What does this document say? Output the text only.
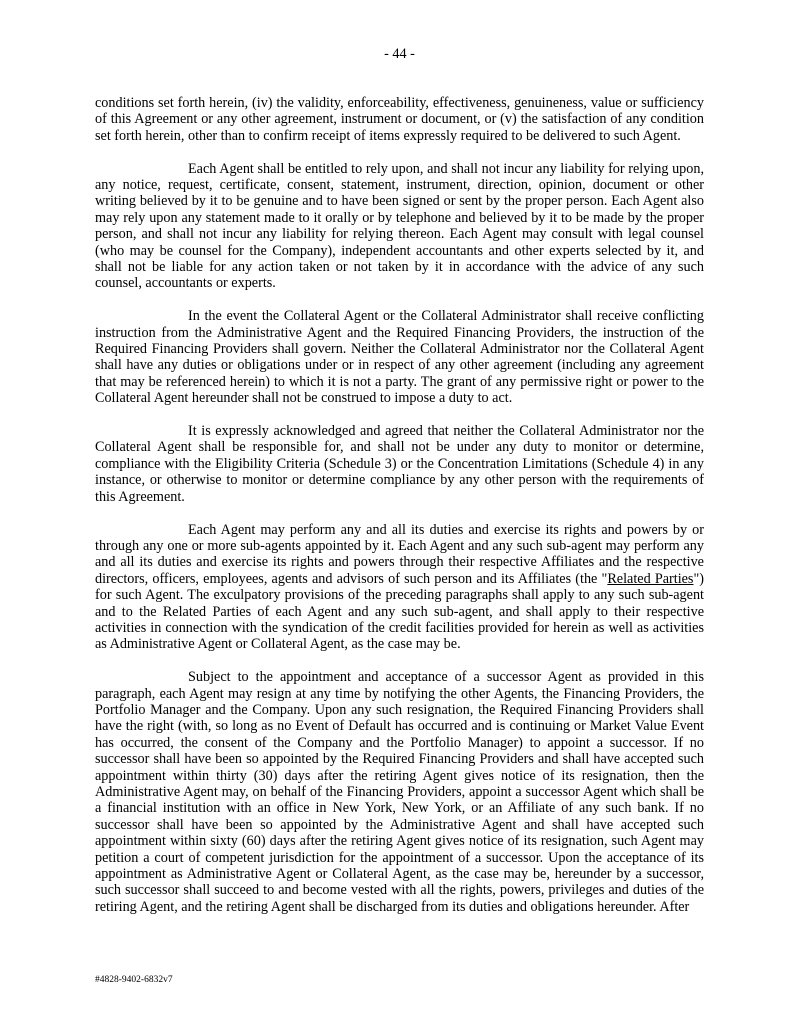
- 44 -

conditions set forth herein, (iv) the validity, enforceability, effectiveness, genuineness, value or sufficiency of this Agreement or any other agreement, instrument or document, or (v) the satisfaction of any condition set forth herein, other than to confirm receipt of items expressly required to be delivered to such Agent.

Each Agent shall be entitled to rely upon, and shall not incur any liability for relying upon, any notice, request, certificate, consent, statement, instrument, direction, opinion, document or other writing believed by it to be genuine and to have been signed or sent by the proper person. Each Agent also may rely upon any statement made to it orally or by telephone and believed by it to be made by the proper person, and shall not incur any liability for relying thereon. Each Agent may consult with legal counsel (who may be counsel for the Company), independent accountants and other experts selected by it, and shall not be liable for any action taken or not taken by it in accordance with the advice of any such counsel, accountants or experts.

In the event the Collateral Agent or the Collateral Administrator shall receive conflicting instruction from the Administrative Agent and the Required Financing Providers, the instruction of the Required Financing Providers shall govern. Neither the Collateral Administrator nor the Collateral Agent shall have any duties or obligations under or in respect of any other agreement (including any agreement that may be referenced herein) to which it is not a party. The grant of any permissive right or power to the Collateral Agent hereunder shall not be construed to impose a duty to act.

It is expressly acknowledged and agreed that neither the Collateral Administrator nor the Collateral Agent shall be responsible for, and shall not be under any duty to monitor or determine, compliance with the Eligibility Criteria (Schedule 3) or the Concentration Limitations (Schedule 4) in any instance, or otherwise to monitor or determine compliance by any other person with the requirements of this Agreement.

Each Agent may perform any and all its duties and exercise its rights and powers by or through any one or more sub-agents appointed by it. Each Agent and any such sub-agent may perform any and all its duties and exercise its rights and powers through their respective Affiliates and the respective directors, officers, employees, agents and advisors of such person and its Affiliates (the "Related Parties") for such Agent. The exculpatory provisions of the preceding paragraphs shall apply to any such sub-agent and to the Related Parties of each Agent and any such sub-agent, and shall apply to their respective activities in connection with the syndication of the credit facilities provided for herein as well as activities as Administrative Agent or Collateral Agent, as the case may be.

Subject to the appointment and acceptance of a successor Agent as provided in this paragraph, each Agent may resign at any time by notifying the other Agents, the Financing Providers, the Portfolio Manager and the Company. Upon any such resignation, the Required Financing Providers shall have the right (with, so long as no Event of Default has occurred and is continuing or Market Value Event has occurred, the consent of the Company and the Portfolio Manager) to appoint a successor. If no successor shall have been so appointed by the Required Financing Providers and shall have accepted such appointment within thirty (30) days after the retiring Agent gives notice of its resignation, then the Administrative Agent may, on behalf of the Financing Providers, appoint a successor Agent which shall be a financial institution with an office in New York, New York, or an Affiliate of any such bank. If no successor shall have been so appointed by the Administrative Agent and shall have accepted such appointment within sixty (60) days after the retiring Agent gives notice of its resignation, such Agent may petition a court of competent jurisdiction for the appointment of a successor. Upon the acceptance of its appointment as Administrative Agent or Collateral Agent, as the case may be, hereunder by a successor, such successor shall succeed to and become vested with all the rights, powers, privileges and duties of the retiring Agent, and the retiring Agent shall be discharged from its duties and obligations hereunder. After

#4828-9402-6832v7
